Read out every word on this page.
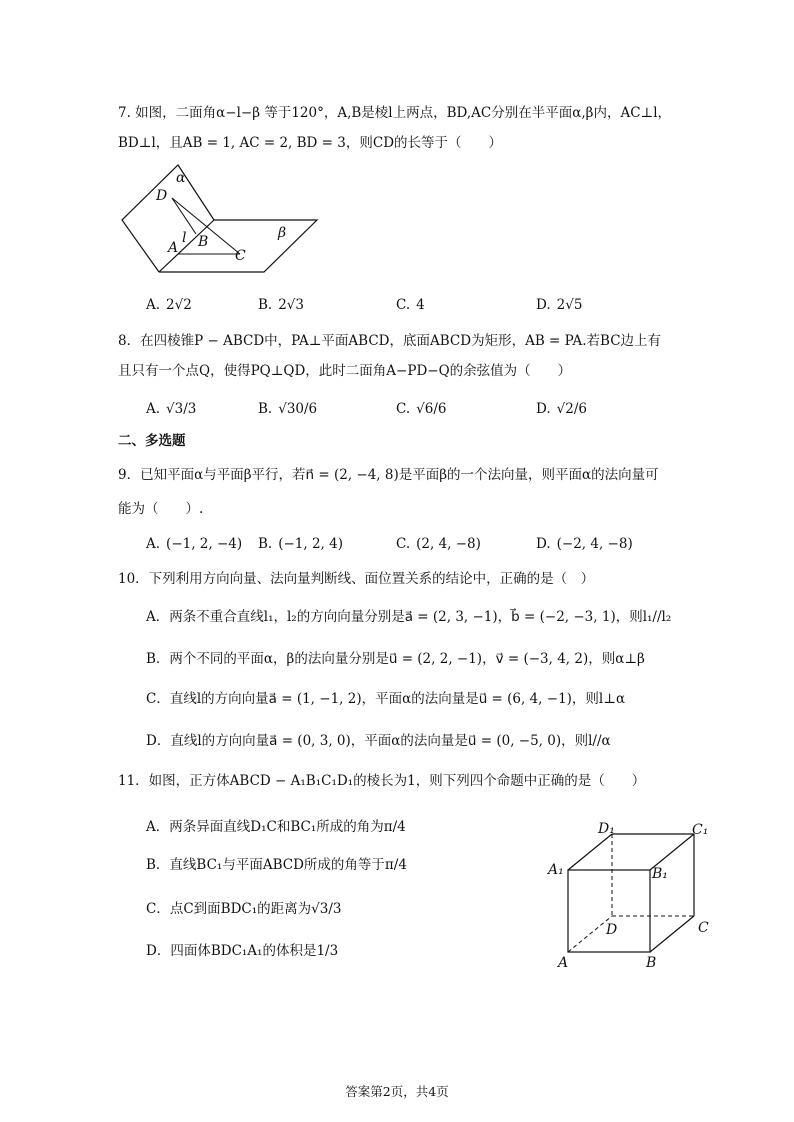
7. 如图，二面角α−l−β 等于120°，A,B是棱l上两点，BD,AC分别在半平面α,β内，AC⊥l，
BD⊥l，且AB = 1, AC = 2, BD = 3，则CD的长等于（　　）
α
D
l
A B
C
β
A. 2√2	B. 2√3	C. 4	D. 2√5
8．在四棱锥P − ABCD中，PA⊥平面ABCD，底面ABCD为矩形，AB = PA.若BC边上有
且只有一个点Q，使得PQ⊥QD，此时二面角A−PD−Q的余弦值为（　　）
A. √3/3	B. √30/6	C. √6/6	D. √2/6
二、多选题
9．已知平面α与平面β平行，若n⃗ = (2, −4, 8)是平面β的一个法向量，则平面α的法向量可
能为（　　）.
A. (−1, 2, −4) B. (−1, 2, 4)	C. (2, 4, −8)	D. (−2, 4, −8)
10．下列利用方向向量、法向量判断线、面位置关系的结论中，正确的是（　）
A．两条不重合直线l₁，l₂的方向向量分别是a⃗ = (2, 3, −1)，b⃗ = (−2, −3, 1)，则l₁//l₂
B．两个不同的平面α，β的法向量分别是u⃗ = (2, 2, −1)，v⃗ = (−3, 4, 2)，则α⊥β
C．直线l的方向向量a⃗ = (1, −1, 2)，平面α的法向量是u⃗ = (6, 4, −1)，则l⊥α
D．直线l的方向向量a⃗ = (0, 3, 0)，平面α的法向量是u⃗ = (0, −5, 0)，则l//α
11．如图，正方体ABCD − A₁B₁C₁D₁的棱长为1，则下列四个命题中正确的是（　　）
A．两条异面直线D₁C和BC₁所成的角为π/4
B．直线BC₁与平面ABCD所成的角等于π/4
C．点C到面BDC₁的距离为√3/3
D．四面体BDC₁A₁的体积是1/3
D₁	C₁
A₁	B₁
D	C
A	B
答案第2页，共4页
